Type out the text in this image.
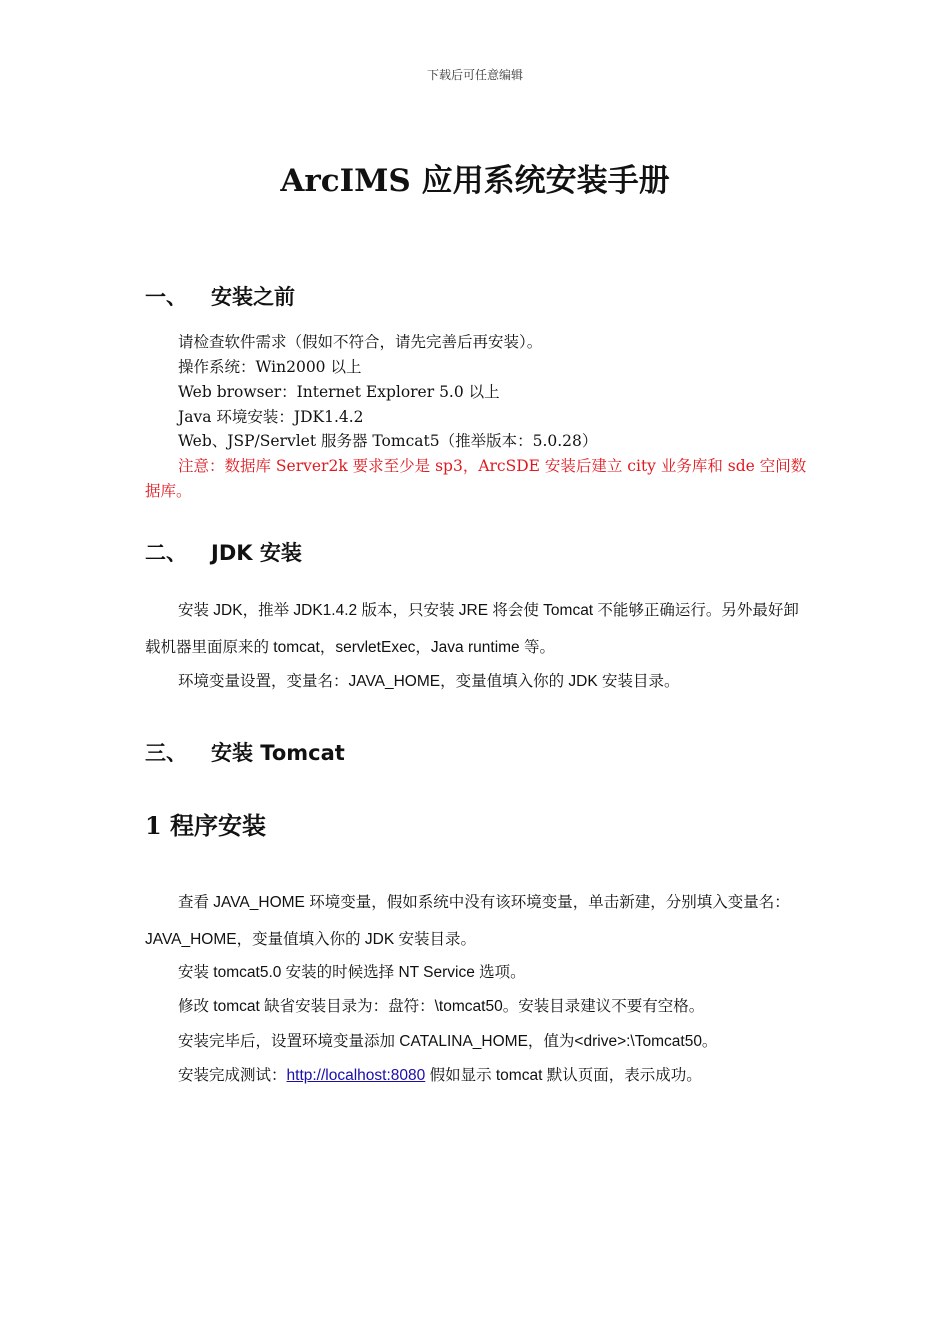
下载后可任意编辑
ArcIMS 应用系统安装手册
一、 安装之前

请检查软件需求（假如不符合，请先完善后再安装）。

操作系统：Win2000 以上

Web browser：Internet Explorer 5.0 以上

Java 环境安装：JDK1.4.2

Web、JSP/Servlet 服务器 Tomcat5（推举版本：5.0.28）

注意：数据库 Server2k 要求至少是 sp3，ArcSDE 安装后建立 city 业务库和 sde 空间数据库。

二、 JDK 安装

安装 JDK，推举 JDK1.4.2 版本，只安装 JRE 将会使 Tomcat 不能够正确运行。另外最好卸载机器里面原来的 tomcat，servletExec，Java runtime 等。

环境变量设置，变量名：JAVA_HOME，变量值填入你的 JDK 安装目录。

三、 安装 Tomcat
1 程序安装

查看 JAVA_HOME 环境变量，假如系统中没有该环境变量，单击新建，分别填入变量名：JAVA_HOME，变量值填入你的 JDK 安装目录。

安装 tomcat5.0 安装的时候选择 NT Service 选项。

修改 tomcat 缺省安装目录为：盘符：\tomcat50。安装目录建议不要有空格。

安装完毕后，设置环境变量添加 CATALINA_HOME，值为<drive>:\Tomcat50。

安装完成测试：http://localhost:8080 假如显示 tomcat 默认页面，表示成功。
